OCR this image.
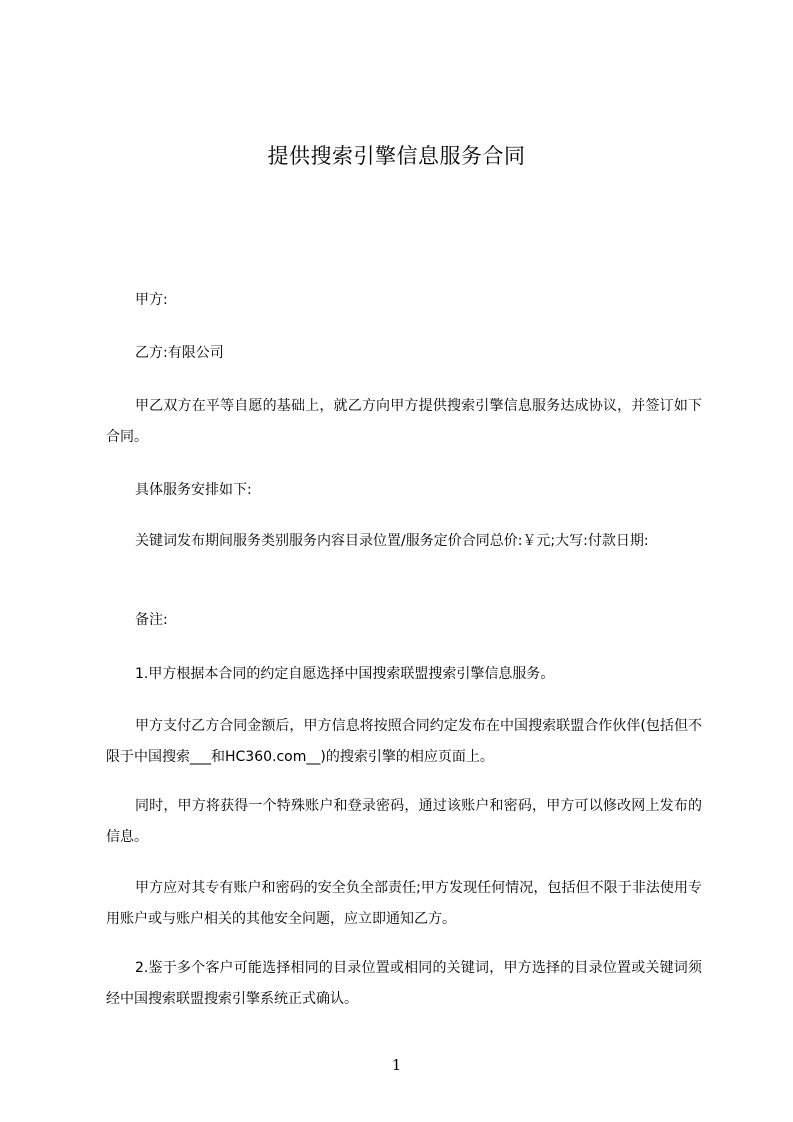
提供搜索引擎信息服务合同
甲方:
乙方:有限公司
甲乙双方在平等自愿的基础上，就乙方向甲方提供搜索引擎信息服务达成协议，并签订如下合同。
具体服务安排如下:
关键词发布期间服务类别服务内容目录位置/服务定价合同总价:￥元;大写:付款日期:
备注:
1.甲方根据本合同的约定自愿选择中国搜索联盟搜索引擎信息服务。
甲方支付乙方合同金额后，甲方信息将按照合同约定发布在中国搜索联盟合作伙伴(包括但不限于中国搜索___和HC360.com__)的搜索引擎的相应页面上。
同时，甲方将获得一个特殊账户和登录密码，通过该账户和密码，甲方可以修改网上发布的信息。
甲方应对其专有账户和密码的安全负全部责任;甲方发现任何情况，包括但不限于非法使用专用账户或与账户相关的其他安全问题，应立即通知乙方。
2.鉴于多个客户可能选择相同的目录位置或相同的关键词，甲方选择的目录位置或关键词须经中国搜索联盟搜索引擎系统正式确认。
1
